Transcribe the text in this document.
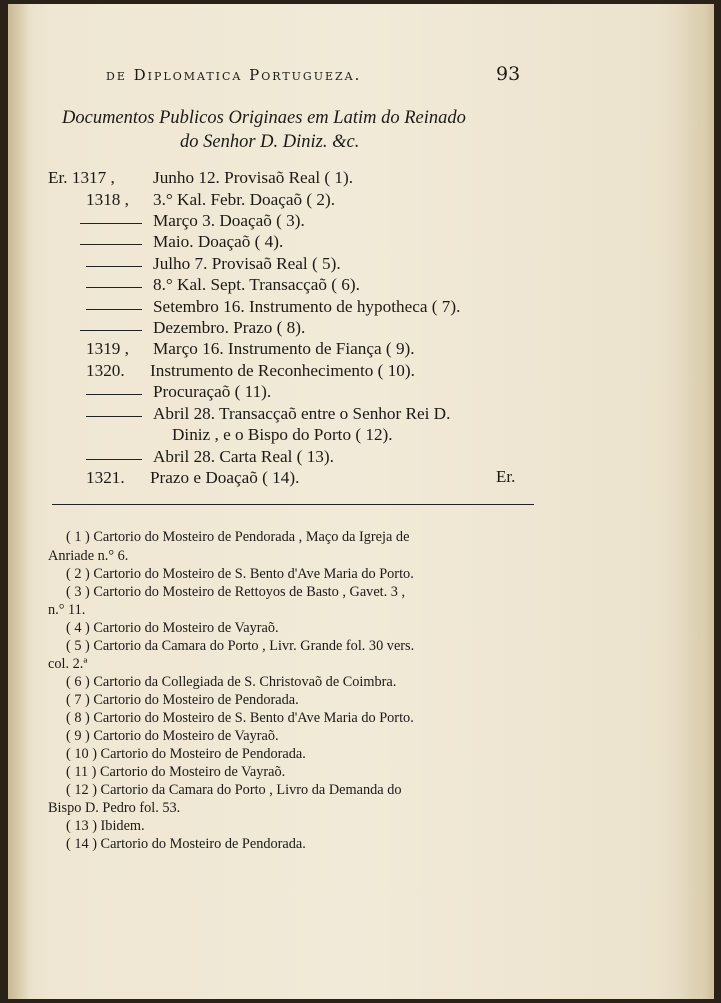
de Diplomatica Portugueza.	93
Documentos Publicos Originaes em Latim do Reinado
do Senhor D. Diniz. &c.
Er. 1317 , Junho 12. Provisaõ Real ( 1).
1318 , 3.° Kal. Febr. Doaçaõ ( 2).
Março 3. Doaçaõ ( 3).
Maio. Doaçaõ ( 4).
Julho 7. Provisaõ Real ( 5).
8.° Kal. Sept. Transacçaõ ( 6).
Setembro 16. Instrumento de hypotheca ( 7).
Dezembro. Prazo ( 8).
1319 , Março 16. Instrumento de Fiança ( 9).
1320. Instrumento de Reconhecimento ( 10).
Procuraçaõ ( 11).
Abril 28. Transacçaõ entre o Senhor Rei D.
Diniz , e o Bispo do Porto ( 12).
Abril 28. Carta Real ( 13).
1321. Prazo e Doaçaõ ( 14).	Er.
( 1 ) Cartorio do Mosteiro de Pendorada , Maço da Igreja de
Anriade n.° 6.
( 2 ) Cartorio do Mosteiro de S. Bento d'Ave Maria do Porto.
( 3 ) Cartorio do Mosteiro de Rettoyos de Basto , Gavet. 3 ,
n.° 11.
( 4 ) Cartorio do Mosteiro de Vayraõ.
( 5 ) Cartorio da Camara do Porto , Livr. Grande fol. 30 vers.
col. 2.ª
( 6 ) Cartorio da Collegiada de S. Christovaõ de Coimbra.
( 7 ) Cartorio do Mosteiro de Pendorada.
( 8 ) Cartorio do Mosteiro de S. Bento d'Ave Maria do Porto.
( 9 ) Cartorio do Mosteiro de Vayraõ.
( 10 ) Cartorio do Mosteiro de Pendorada.
( 11 ) Cartorio do Mosteiro de Vayraõ.
( 12 ) Cartorio da Camara do Porto , Livro da Demanda do
Bispo D. Pedro fol. 53.
( 13 ) Ibidem.
( 14 ) Cartorio do Mosteiro de Pendorada.
